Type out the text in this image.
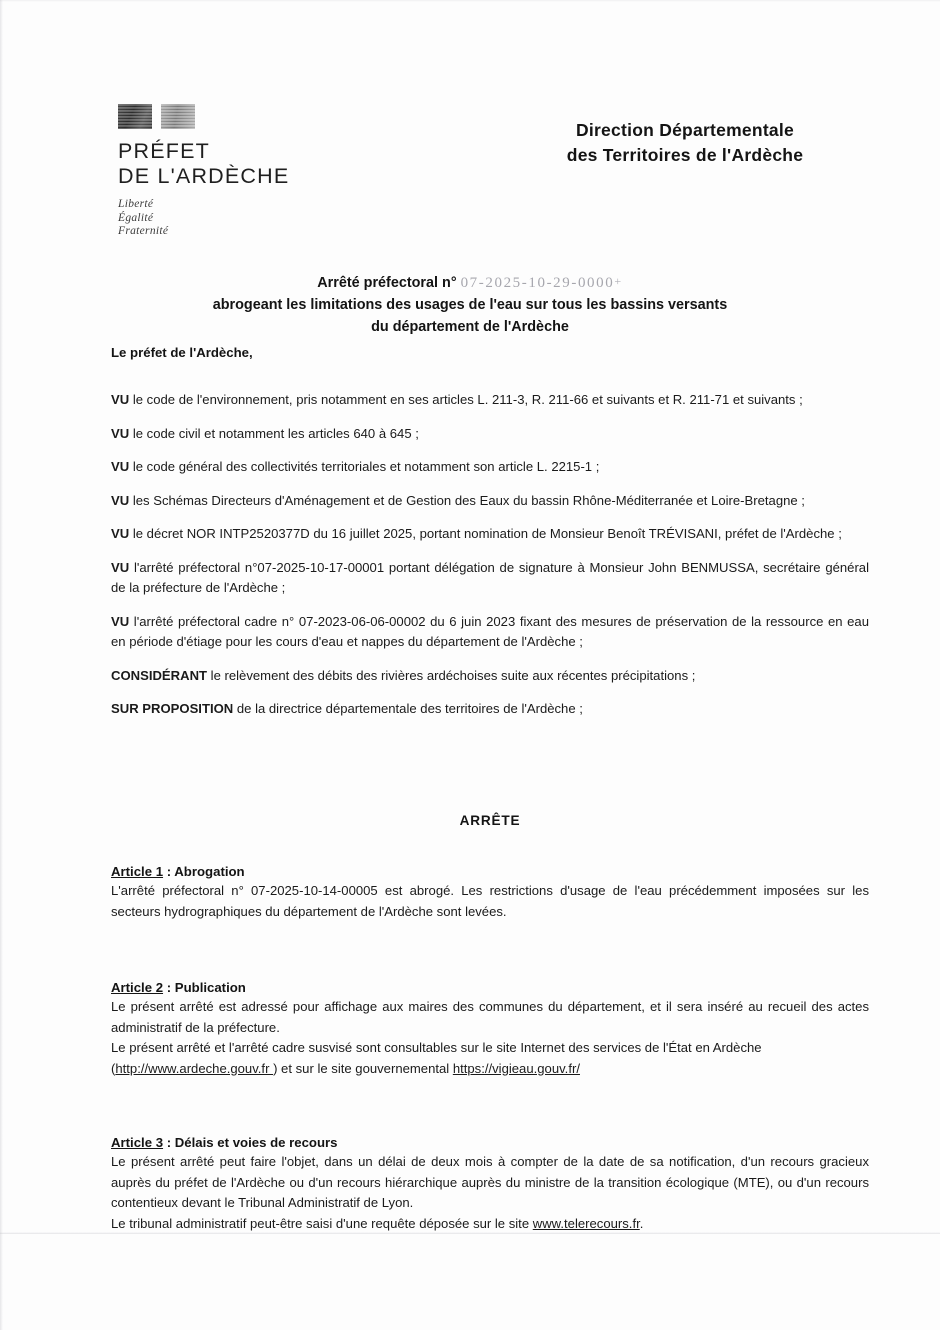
PRÉFET
DE L'ARDÈCHE
Liberté
Égalité
Fraternité
Direction Départementale
des Territoires de l'Ardèche
Arrêté préfectoral n° 07-2025-10-29-0000+
abrogeant les limitations des usages de l'eau sur tous les bassins versants
du département de l'Ardèche
Le préfet de l'Ardèche,

VU le code de l'environnement, pris notamment en ses articles L. 211-3, R. 211-66 et suivants et R. 211-71 et suivants ;

VU le code civil et notamment les articles 640 à 645 ;

VU le code général des collectivités territoriales et notamment son article L. 2215-1 ;

VU les Schémas Directeurs d'Aménagement et de Gestion des Eaux du bassin Rhône-Méditerranée et Loire-Bretagne ;

VU le décret NOR INTP2520377D du 16 juillet 2025, portant nomination de Monsieur Benoît TRÉVISANI, préfet de l'Ardèche ;

VU l'arrêté préfectoral n°07-2025-10-17-00001 portant délégation de signature à Monsieur John BENMUSSA, secrétaire général de la préfecture de l'Ardèche ;

VU l'arrêté préfectoral cadre n° 07-2023-06-06-00002 du 6 juin 2023 fixant des mesures de préservation de la ressource en eau en période d'étiage pour les cours d'eau et nappes du département de l'Ardèche ;

CONSIDÉRANT le relèvement des débits des rivières ardéchoises suite aux récentes précipitations ;

SUR PROPOSITION de la directrice départementale des territoires de l'Ardèche ;

ARRÊTE
Article 1 : Abrogation

L'arrêté préfectoral n° 07-2025-10-14-00005 est abrogé. Les restrictions d'usage de l'eau précédemment imposées sur les secteurs hydrographiques du département de l'Ardèche sont levées.

Article 2 : Publication

Le présent arrêté est adressé pour affichage aux maires des communes du département, et il sera inséré au recueil des actes administratif de la préfecture.

Le présent arrêté et l'arrêté cadre susvisé sont consultables sur le site Internet des services de l'État en Ardèche (http://www.ardeche.gouv.fr ) et sur le site gouvernemental https://vigieau.gouv.fr/

Article 3 : Délais et voies de recours

Le présent arrêté peut faire l'objet, dans un délai de deux mois à compter de la date de sa notification, d'un recours gracieux auprès du préfet de l'Ardèche ou d'un recours hiérarchique auprès du ministre de la transition écologique (MTE), ou d'un recours contentieux devant le Tribunal Administratif de Lyon.

Le tribunal administratif peut-être saisi d'une requête déposée sur le site www.telerecours.fr.
